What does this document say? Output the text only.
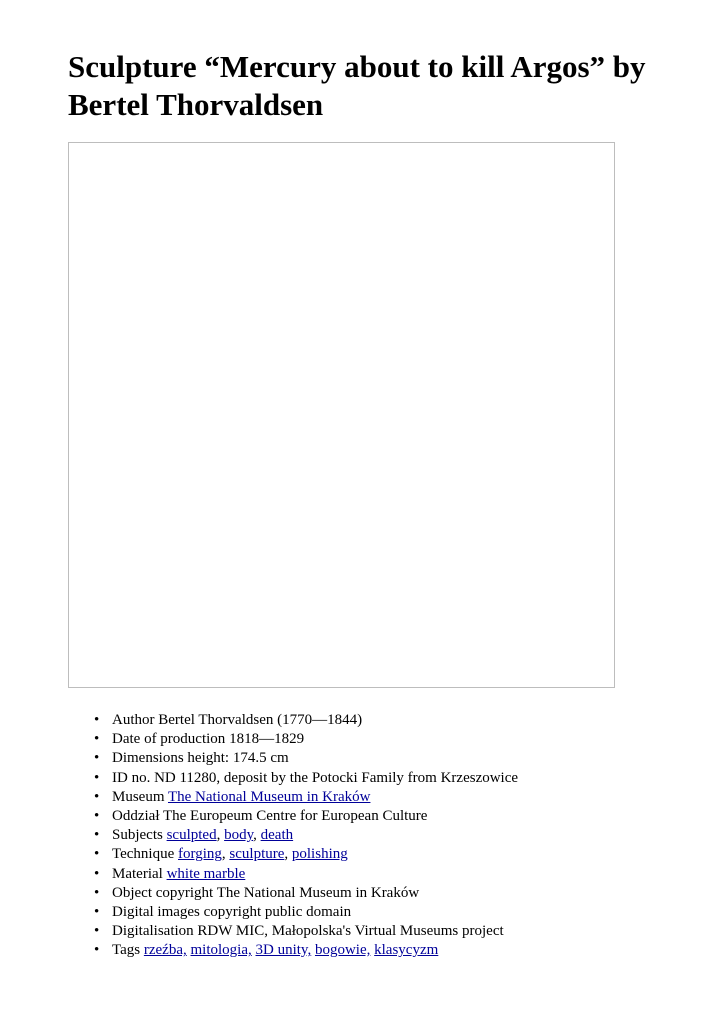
Sculpture “Mercury about to kill Argos” by Bertel Thorvaldsen
• Author Bertel Thorvaldsen (1770—1844)
• Date of production 1818—1829
• Dimensions height: 174.5 cm
• ID no. ND 11280, deposit by the Potocki Family from Krzeszowice
• Museum The National Museum in Kraków
• Oddział The Europeum Centre for European Culture
• Subjects sculpted, body, death
• Technique forging, sculpture, polishing
• Material white marble
• Object copyright The National Museum in Kraków
• Digital images copyright public domain
• Digitalisation RDW MIC, Małopolska's Virtual Museums project
• Tags rzeźba, mitologia, 3D unity, bogowie, klasycyzm
